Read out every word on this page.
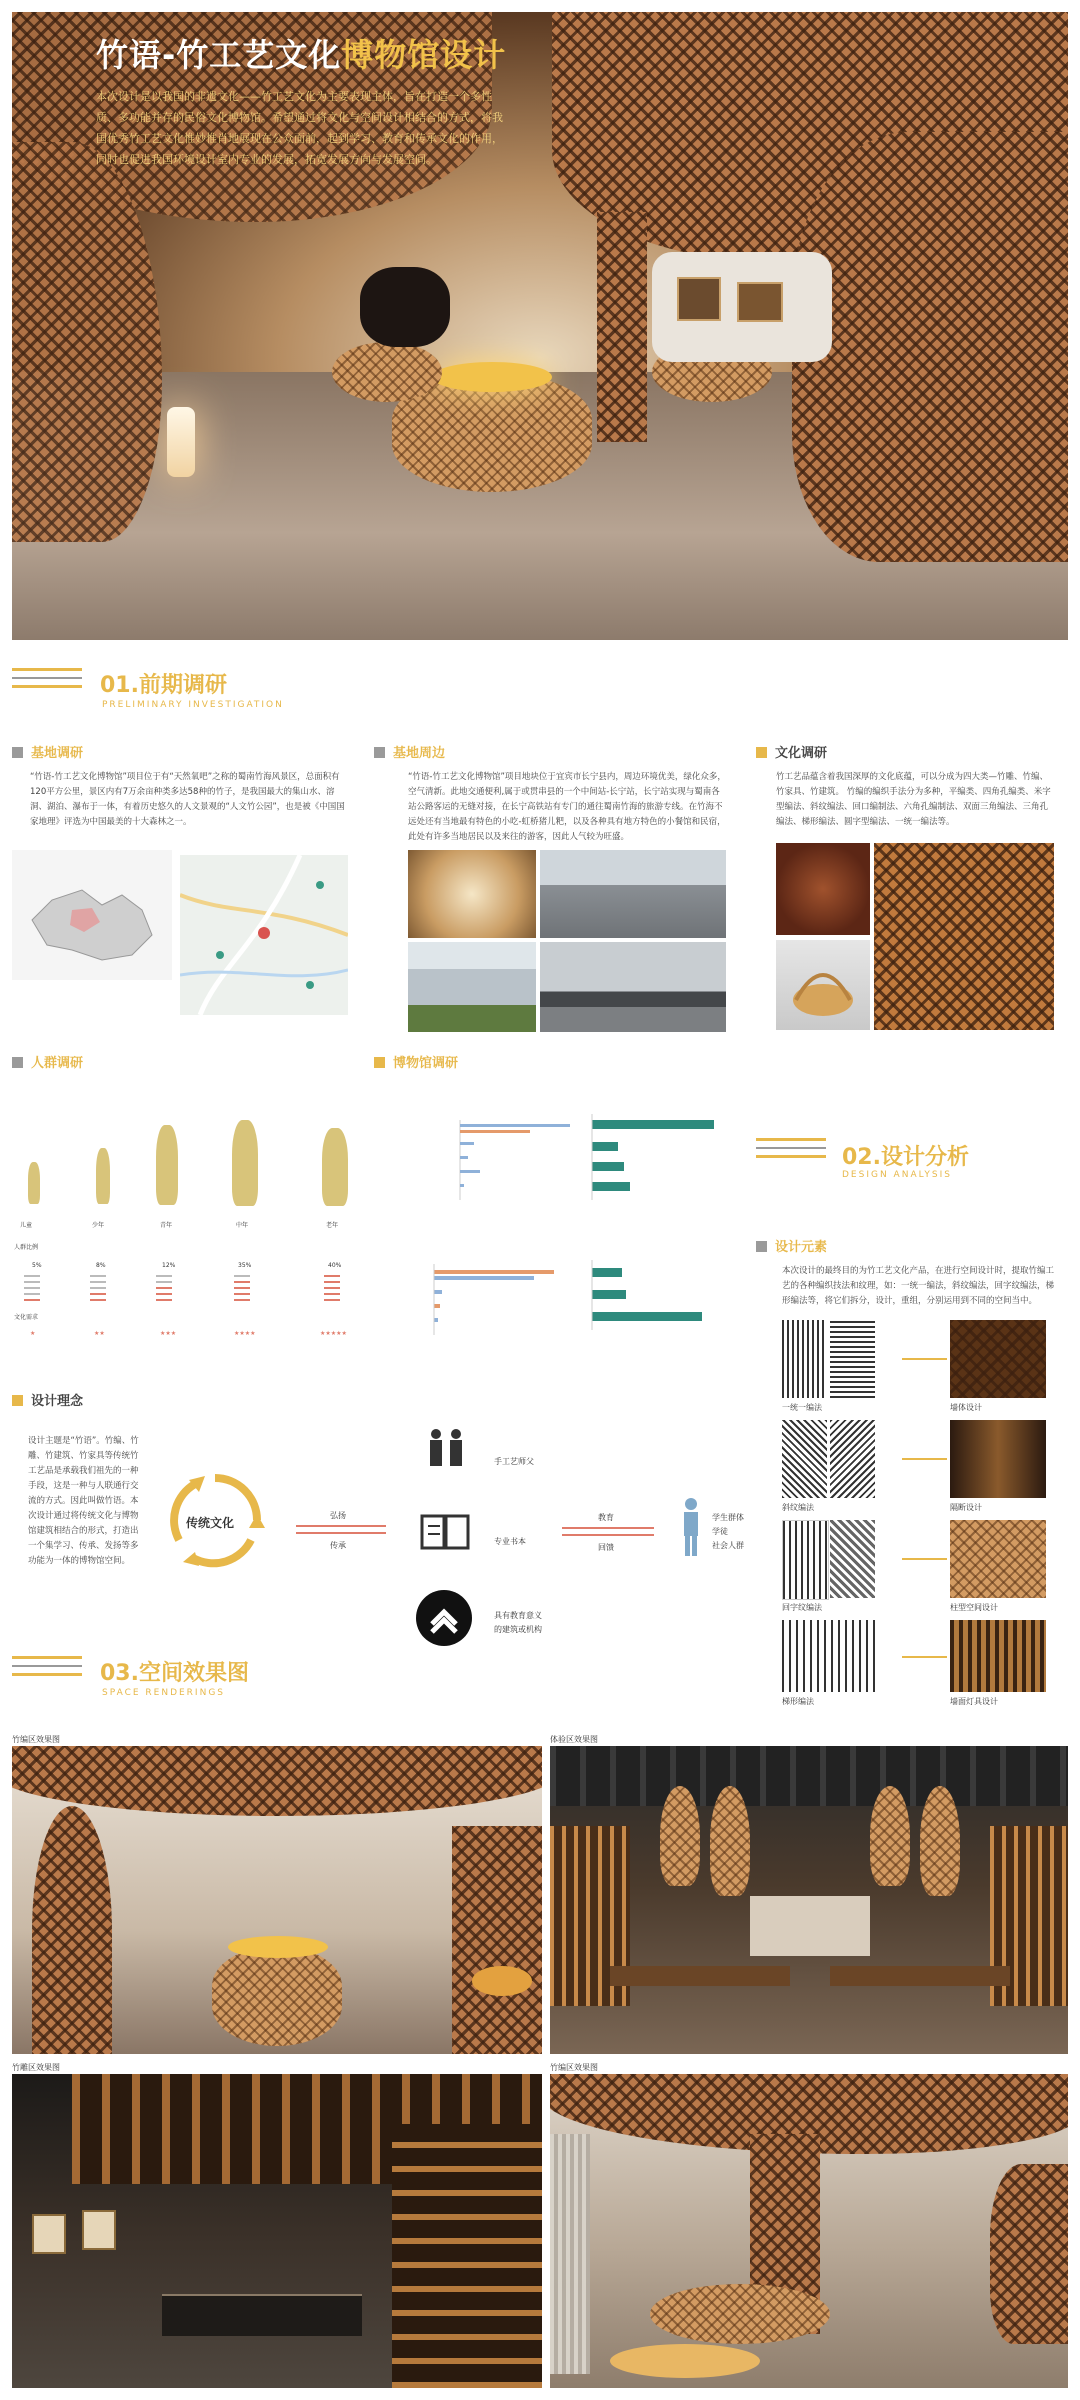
竹语-竹工艺文化博物馆设计
本次设计是以我国的非遗文化——竹工艺文化为主要表现主体，旨在打造一个多性质、多功能并存的民俗文化博物馆。希望通过将文化与空间设计相结合的方式，将我国优秀竹工艺文化惟妙惟肖地展现在公众面前，起到学习、教育和传承文化的作用，同时也促进我国环境设计室内专业的发展，拓宽发展方向与发展空间。
01.前期调研
PRELIMINARY INVESTIGATION
基地调研
“竹语-竹工艺文化博物馆”项目位于有“天然氧吧”之称的蜀南竹海风景区，总面积有120平方公里，景区内有7万余亩种类多达58种的竹子，是我国最大的集山水、溶洞、湖泊、瀑布于一体，有着历史悠久的人文景观的“人文竹公园”，也是被《中国国家地理》评选为中国最美的十大森林之一。
基地周边
“竹语-竹工艺文化博物馆”项目地块位于宜宾市长宁县内，周边环境优美，绿化众多，空气清新。此地交通便利,属于或贯串县的一个中间站-长宁站，长宁站实现与蜀南各站公路客运的无缝对接，在长宁高铁站有专门的通往蜀南竹海的旅游专线。在竹海不远处还有当地最有特色的小吃-虹桥猪儿粑，以及各种具有地方特色的小餐馆和民宿，此处有许多当地居民以及来往的游客，因此人气较为旺盛。
文化调研
竹工艺品蕴含着我国深厚的文化底蕴，可以分成为四大类—竹雕、竹编、竹家具、竹建筑。 竹编的编织手法分为多种，平编类、四角孔编类、米字型编法、斜纹编法、回口编制法、六角孔编制法、双面三角编法、三角孔编法、梯形编法、圆字型编法、一统一编法等。
人群调研
儿童	少年	青年	中年	老年
人群比例
5%	8%	12%	35%	40%
文化需求
★	★★	★★★	★★★★	★★★★★
博物馆调研
02.设计分析
DESIGN ANALYSIS
设计元素
本次设计的最终目的为竹工艺文化产品，在进行空间设计时，提取竹编工艺的各种编织技法和纹理，如：一统一编法，斜纹编法，回字纹编法，梯形编法等，将它们拆分，设计，重组，分别运用到不同的空间当中。
一统一编法	墙体设计
斜纹编法	隔断设计
回字纹编法	柱型空间设计
梯形编法	墙面灯具设计
设计理念
设计主题是“竹语”。竹编、竹雕、竹建筑、竹家具等传统竹工艺品是承载我们祖先的一种手段，这是一种与人联通行交流的方式。因此叫做竹语。本次设计通过将传统文化与博物馆建筑相结合的形式，打造出一个集学习、传承、发扬等多功能为一体的博物馆空间。
传统文化
弘扬
传承
手工艺师父
专业书本
具有教育意义
的建筑或机构
教育
回馈
学生群体
学徒
社会人群
03.空间效果图
SPACE RENDERINGS
竹编区效果图	体验区效果图
竹雕区效果图	竹编区效果图
